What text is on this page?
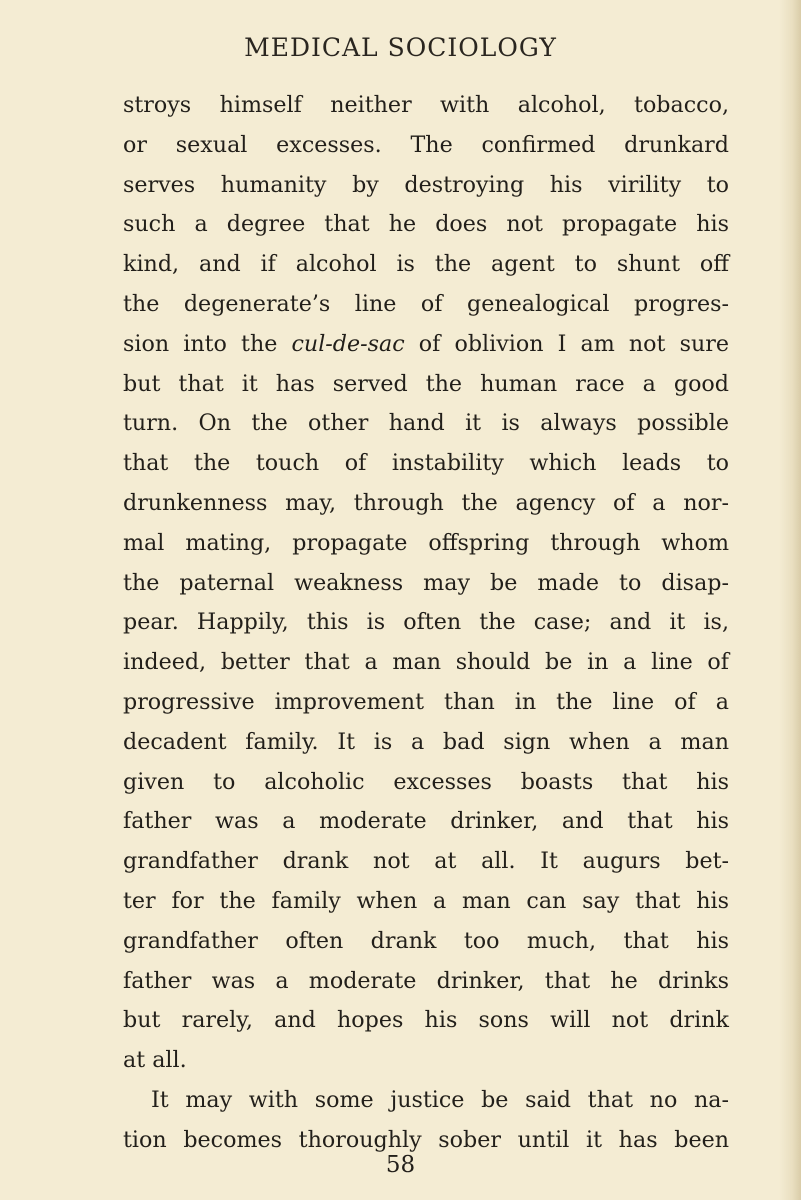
MEDICAL SOCIOLOGY
stroys himself neither with alcohol, tobacco,
or sexual excesses. The confirmed drunkard
serves humanity by destroying his virility to
such a degree that he does not propagate his
kind, and if alcohol is the agent to shunt off
the degenerate’s line of genealogical progres-
sion into the cul-de-sac of oblivion I am not sure
but that it has served the human race a good
turn. On the other hand it is always possible
that the touch of instability which leads to
drunkenness may, through the agency of a nor-
mal mating, propagate offspring through whom
the paternal weakness may be made to disap-
pear. Happily, this is often the case; and it is,
indeed, better that a man should be in a line of
progressive improvement than in the line of a
decadent family. It is a bad sign when a man
given to alcoholic excesses boasts that his
father was a moderate drinker, and that his
grandfather drank not at all. It augurs bet-
ter for the family when a man can say that his
grandfather often drank too much, that his
father was a moderate drinker, that he drinks
but rarely, and hopes his sons will not drink
at all.
It may with some justice be said that no na-
tion becomes thoroughly sober until it has been
58
